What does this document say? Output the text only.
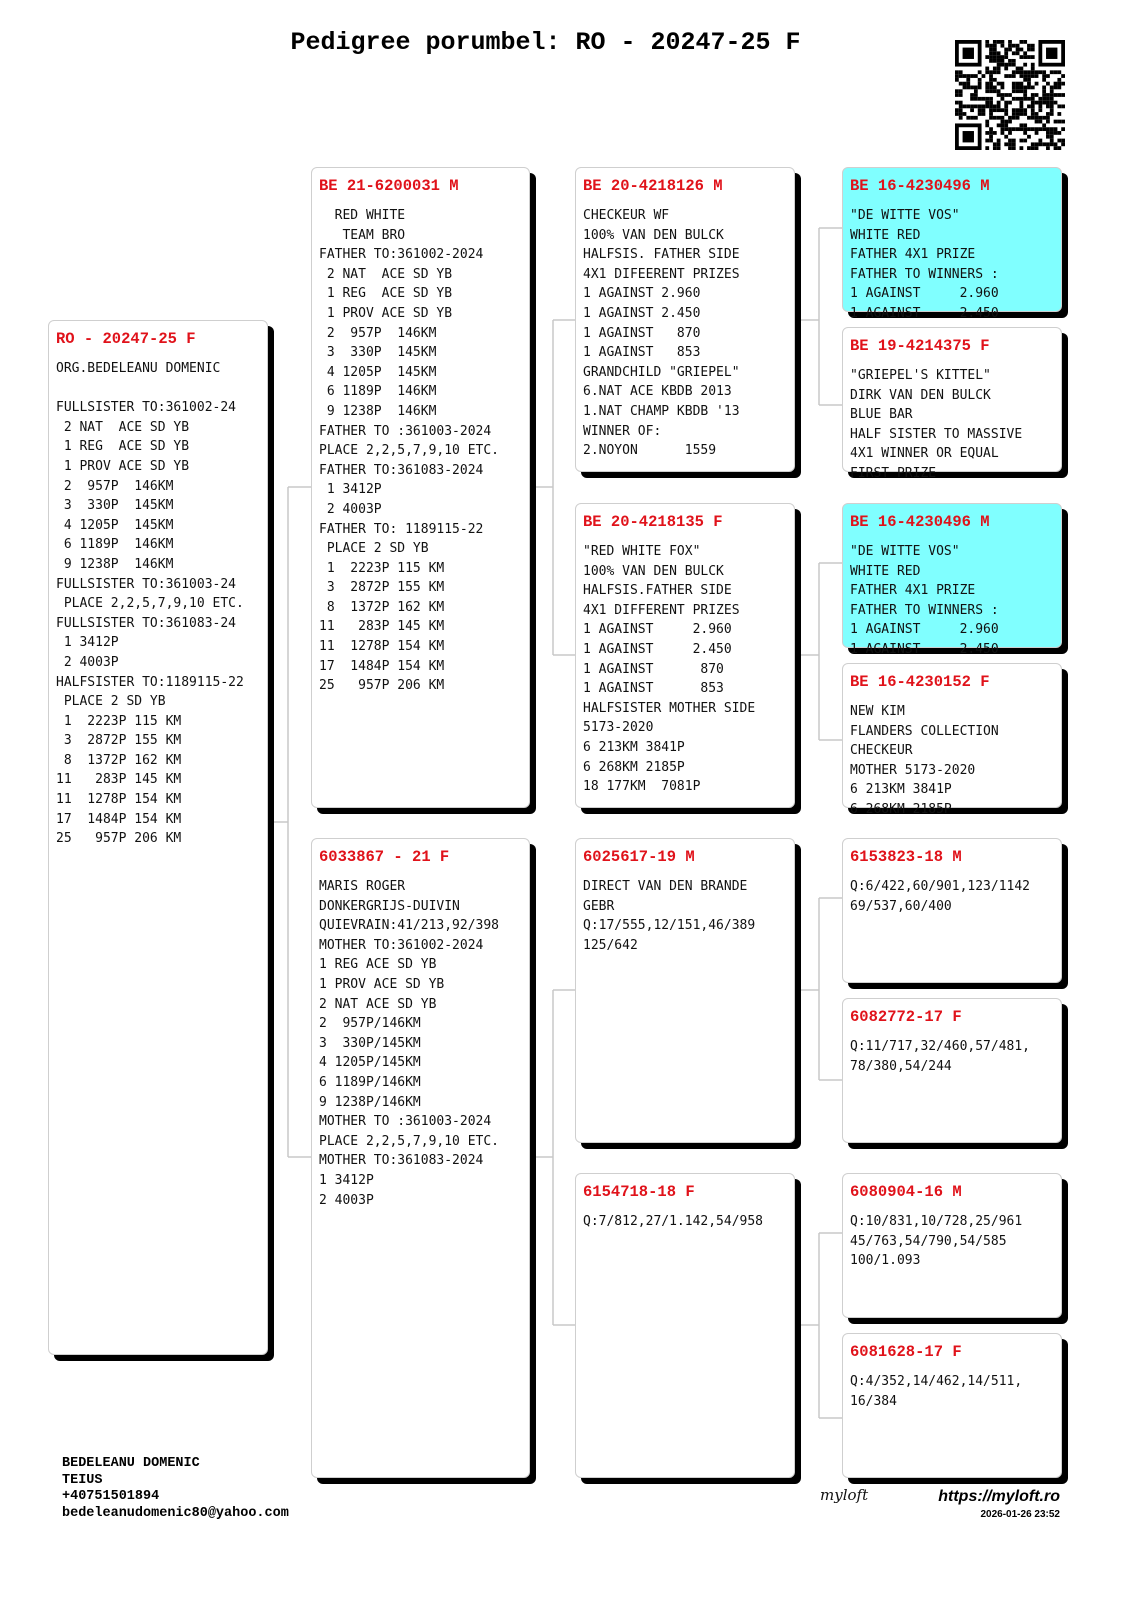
Pedigree porumbel: RO - 20247-25 F
RO - 20247-25 F
ORG.BEDELEANU DOMENIC
FULLSISTER TO:361002-24
2 NAT  ACE SD YB
1 REG  ACE SD YB
1 PROV ACE SD YB
2  957P  146KM
3  330P  145KM
4 1205P  145KM
6 1189P  146KM
9 1238P  146KM
FULLSISTER TO:361003-24
PLACE 2,2,5,7,9,10 ETC.
FULLSISTER TO:361083-24
1 3412P
2 4003P
HALFSISTER TO:1189115-22
PLACE 2 SD YB
1  2223P 115 KM
3  2872P 155 KM
8  1372P 162 KM
11   283P 145 KM
11  1278P 154 KM
17  1484P 154 KM
25   957P 206 KM
BE 21-6200031 M
RED WHITE
TEAM BRO
FATHER TO:361002-2024
2 NAT  ACE SD YB
1 REG  ACE SD YB
1 PROV ACE SD YB
2  957P  146KM
3  330P  145KM
4 1205P  145KM
6 1189P  146KM
9 1238P  146KM
FATHER TO :361003-2024
PLACE 2,2,5,7,9,10 ETC.
FATHER TO:361083-2024
1 3412P
2 4003P
FATHER TO: 1189115-22
PLACE 2 SD YB
1  2223P 115 KM
3  2872P 155 KM
8  1372P 162 KM
11   283P 145 KM
11  1278P 154 KM
17  1484P 154 KM
25   957P 206 KM
6033867 - 21 F
MARIS ROGER
DONKERGRIJS-DUIVIN
QUIEVRAIN:41/213,92/398
MOTHER TO:361002-2024
1 REG ACE SD YB
1 PROV ACE SD YB
2 NAT ACE SD YB
2  957P/146KM
3  330P/145KM
4 1205P/145KM
6 1189P/146KM
9 1238P/146KM
MOTHER TO :361003-2024
PLACE 2,2,5,7,9,10 ETC.
MOTHER TO:361083-2024
1 3412P
2 4003P
BE 20-4218126 M
CHECKEUR WF
100% VAN DEN BULCK
HALFSIS. FATHER SIDE
4X1 DIFEERENT PRIZES
1 AGAINST 2.960
1 AGAINST 2.450
1 AGAINST   870
1 AGAINST   853
GRANDCHILD "GRIEPEL"
6.NAT ACE KBDB 2013
1.NAT CHAMP KBDB '13
WINNER OF:
2.NOYON      1559
BE 20-4218135 F
"RED WHITE FOX"
100% VAN DEN BULCK
HALFSIS.FATHER SIDE
4X1 DIFFERENT PRIZES
1 AGAINST     2.960
1 AGAINST     2.450
1 AGAINST      870
1 AGAINST      853
HALFSISTER MOTHER SIDE
5173-2020
6 213KM 3841P
6 268KM 2185P
18 177KM  7081P
6025617-19 M
DIRECT VAN DEN BRANDE
GEBR
Q:17/555,12/151,46/389
125/642
6154718-18 F
Q:7/812,27/1.142,54/958
BE 16-4230496 M
"DE WITTE VOS"
WHITE RED
FATHER 4X1 PRIZE
FATHER TO WINNERS :
1 AGAINST     2.960
1 AGAINST     2.450
BE 19-4214375 F
"GRIEPEL'S KITTEL"
DIRK VAN DEN BULCK
BLUE BAR
HALF SISTER TO MASSIVE
4X1 WINNER OR EQUAL
FIRST PRIZE
BE 16-4230496 M
"DE WITTE VOS"
WHITE RED
FATHER 4X1 PRIZE
FATHER TO WINNERS :
1 AGAINST     2.960
1 AGAINST     2.450
BE 16-4230152 F
NEW KIM
FLANDERS COLLECTION
CHECKEUR
MOTHER 5173-2020
6 213KM 3841P
6 268KM 2185P
6153823-18 M
Q:6/422,60/901,123/1142
69/537,60/400
6082772-17 F
Q:11/717,32/460,57/481,
78/380,54/244
6080904-16 M
Q:10/831,10/728,25/961
45/763,54/790,54/585
100/1.093
6081628-17 F
Q:4/352,14/462,14/511,
16/384
BEDELEANU DOMENIC
TEIUS
+40751501894
bedeleanudomenic80@yahoo.com
myloft	https://myloft.ro
2026-01-26 23:52
